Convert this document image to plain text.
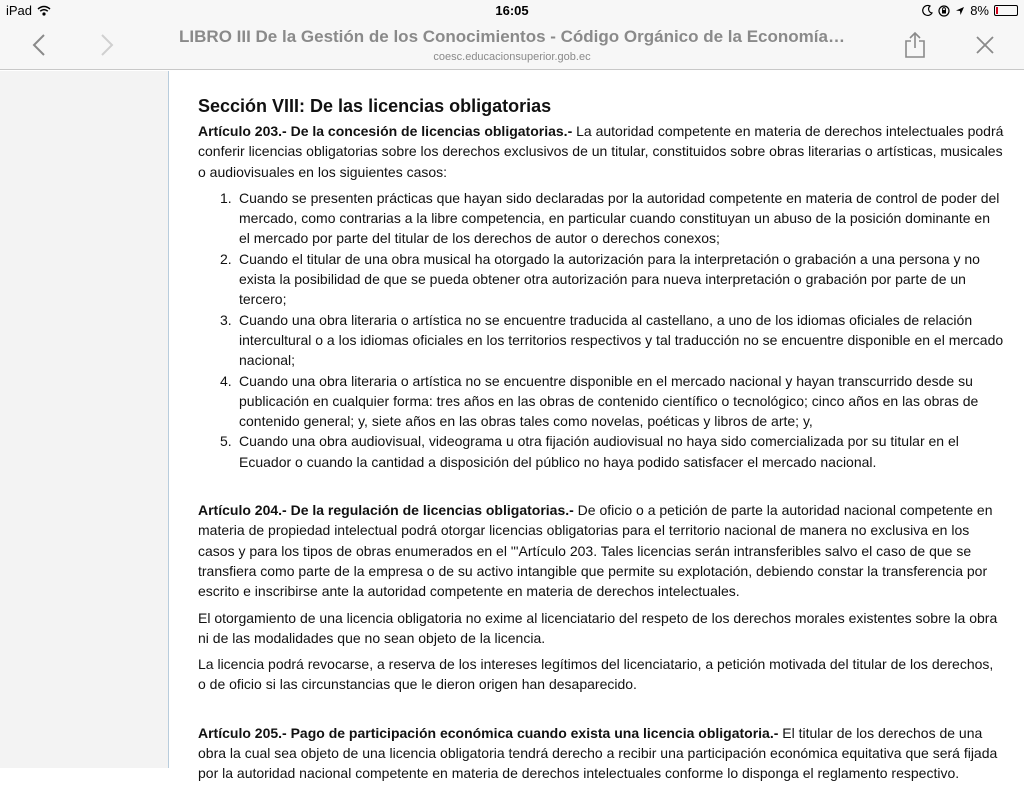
iPad	16:05	8%
LIBRO III De la Gestión de los Conocimientos - Código Orgánico de la Economía…
coesc.educacionsuperior.gob.ec
Sección VIII: De las licencias obligatorias

Artículo 203.- De la concesión de licencias obligatorias.- La autoridad competente en materia de derechos intelectuales podrá conferir licencias obligatorias sobre los derechos exclusivos de un titular, constituidos sobre obras literarias o artísticas, musicales o audiovisuales en los siguientes casos:

1. Cuando se presenten prácticas que hayan sido declaradas por la autoridad competente en materia de control de poder del mercado, como contrarias a la libre competencia, en particular cuando constituyan un abuso de la posición dominante en el mercado por parte del titular de los derechos de autor o derechos conexos;
2. Cuando el titular de una obra musical ha otorgado la autorización para la interpretación o grabación a una persona y no exista la posibilidad de que se pueda obtener otra autorización para nueva interpretación o grabación por parte de un tercero;
3. Cuando una obra literaria o artística no se encuentre traducida al castellano, a uno de los idiomas oficiales de relación intercultural o a los idiomas oficiales en los territorios respectivos y tal traducción no se encuentre disponible en el mercado nacional;
4. Cuando una obra literaria o artística no se encuentre disponible en el mercado nacional y hayan transcurrido desde su publicación en cualquier forma: tres años en las obras de contenido científico o tecnológico; cinco años en las obras de contenido general; y, siete años en las obras tales como novelas, poéticas y libros de arte; y,
5. Cuando una obra audiovisual, videograma u otra fijación audiovisual no haya sido comercializada por su titular en el Ecuador o cuando la cantidad a disposición del público no haya podido satisfacer el mercado nacional.

Artículo 204.- De la regulación de licencias obligatorias.- De oficio o a petición de parte la autoridad nacional competente en materia de propiedad intelectual podrá otorgar licencias obligatorias para el territorio nacional de manera no exclusiva en los casos y para los tipos de obras enumerados en el "'Artículo 203. Tales licencias serán intransferibles salvo el caso de que se transfiera como parte de la empresa o de su activo intangible que permite su explotación, debiendo constar la transferencia por escrito e inscribirse ante la autoridad competente en materia de derechos intelectuales.

El otorgamiento de una licencia obligatoria no exime al licenciatario del respeto de los derechos morales existentes sobre la obra ni de las modalidades que no sean objeto de la licencia.

La licencia podrá revocarse, a reserva de los intereses legítimos del licenciatario, a petición motivada del titular de los derechos, o de oficio si las circunstancias que le dieron origen han desaparecido.

Artículo 205.- Pago de participación económica cuando exista una licencia obligatoria.- El titular de los derechos de una obra la cual sea objeto de una licencia obligatoria tendrá derecho a recibir una participación económica equitativa que será fijada por la autoridad nacional competente en materia de derechos intelectuales conforme lo disponga el reglamento respectivo.
